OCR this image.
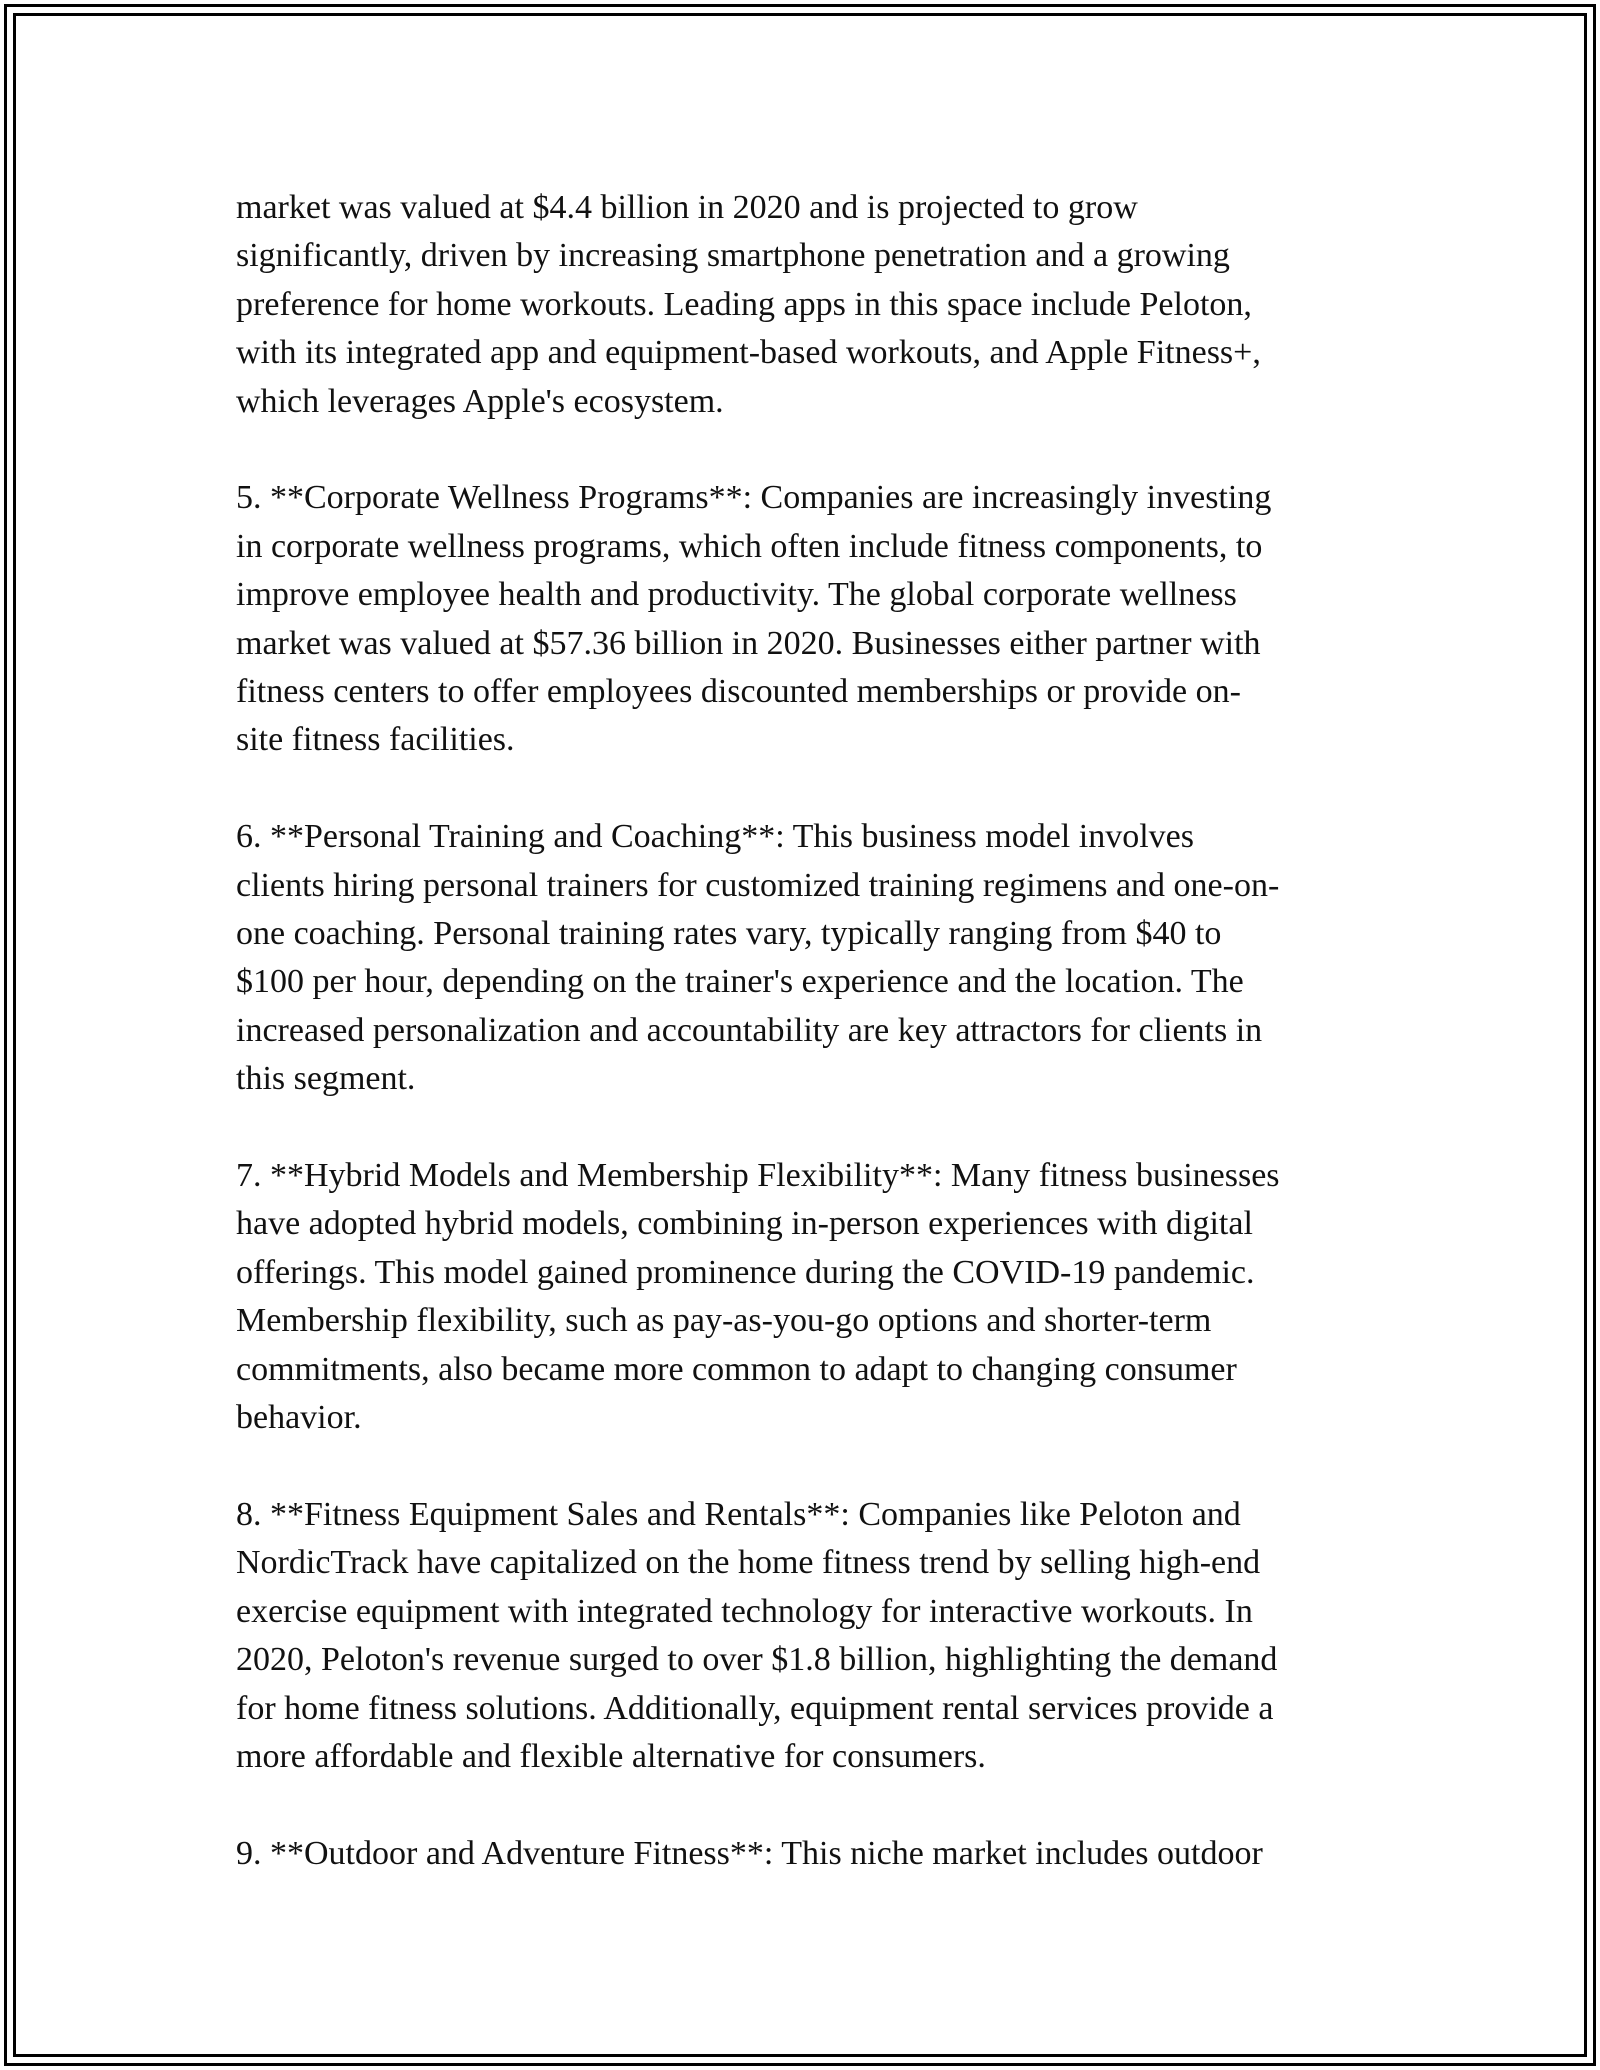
market was valued at $4.4 billion in 2020 and is projected to grow
significantly, driven by increasing smartphone penetration and a growing
preference for home workouts. Leading apps in this space include Peloton,
with its integrated app and equipment-based workouts, and Apple Fitness+,
which leverages Apple's ecosystem.

5. **Corporate Wellness Programs**: Companies are increasingly investing
in corporate wellness programs, which often include fitness components, to
improve employee health and productivity. The global corporate wellness
market was valued at $57.36 billion in 2020. Businesses either partner with
fitness centers to offer employees discounted memberships or provide on-
site fitness facilities.

6. **Personal Training and Coaching**: This business model involves
clients hiring personal trainers for customized training regimens and one-on-
one coaching. Personal training rates vary, typically ranging from $40 to
$100 per hour, depending on the trainer's experience and the location. The
increased personalization and accountability are key attractors for clients in
this segment.

7. **Hybrid Models and Membership Flexibility**: Many fitness businesses
have adopted hybrid models, combining in-person experiences with digital
offerings. This model gained prominence during the COVID-19 pandemic.
Membership flexibility, such as pay-as-you-go options and shorter-term
commitments, also became more common to adapt to changing consumer
behavior.

8. **Fitness Equipment Sales and Rentals**: Companies like Peloton and
NordicTrack have capitalized on the home fitness trend by selling high-end
exercise equipment with integrated technology for interactive workouts. In
2020, Peloton's revenue surged to over $1.8 billion, highlighting the demand
for home fitness solutions. Additionally, equipment rental services provide a
more affordable and flexible alternative for consumers.

9. **Outdoor and Adventure Fitness**: This niche market includes outdoor
